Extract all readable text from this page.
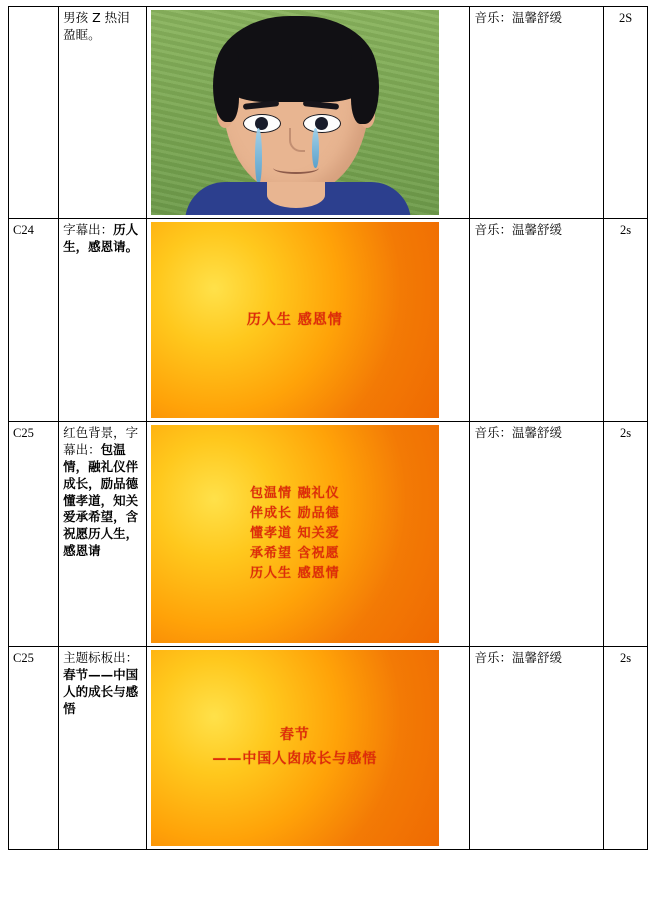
	男孩 Z 热泪盈眶。		音乐：温馨舒缓	2S
C24	字幕出：历人生，感恩请。	历人生 感恩情	音乐：温馨舒缓	2s
C25	红色背景，字幕出：包温情，融礼仪伴成长，励品德懂孝道，知关爱承希望，含祝愿历人生，感恩请	包温情 融礼仪
伴成长 励品德
懂孝道 知关爱
承希望 含祝愿
历人生 感恩情	音乐：温馨舒缓	2s
C25	主题标板出：春节——中国人的成长与感悟	春节
——中国人囱成长与感悟	音乐：温馨舒缓	2s
